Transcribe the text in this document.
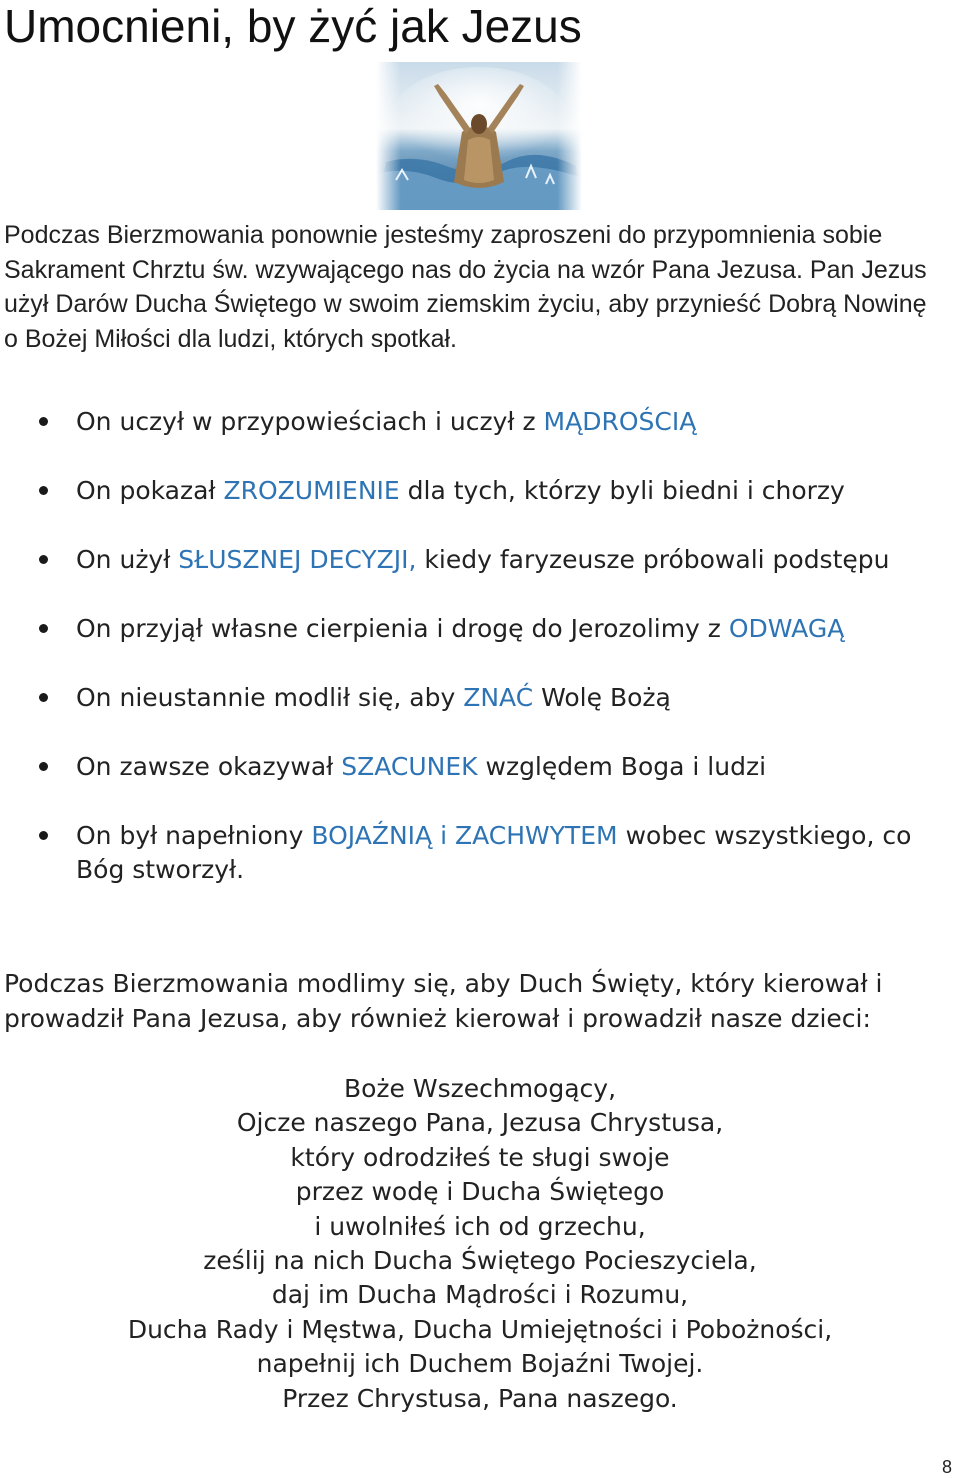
Umocnieni, by żyć jak Jezus

Podczas Bierzmowania ponownie jesteśmy zaproszeni do przypomnienia sobie Sakrament Chrztu św. wzywającego nas do życia na wzór Pana Jezusa. Pan Jezus użył Darów Ducha Świętego w swoim ziemskim życiu, aby przynieść Dobrą Nowinę o Bożej Miłości dla ludzi, których spotkał.

On uczył w przypowieściach i uczył z MĄDROŚCIĄ
On pokazał ZROZUMIENIE dla tych, którzy byli biedni i chorzy
On użył SŁUSZNEJ DECYZJI, kiedy faryzeusze próbowali podstępu
On przyjął własne cierpienia i drogę do Jerozolimy z ODWAGĄ
On nieustannie modlił się, aby ZNAĆ Wolę Bożą
On zawsze okazywał SZACUNEK względem Boga i ludzi
On był napełniony BOJAŹNIĄ i ZACHWYTEM wobec wszystkiego, co Bóg stworzył.

Podczas Bierzmowania modlimy się, aby Duch Święty, który kierował i prowadził Pana Jezusa, aby również kierował i prowadził nasze dzieci:

Boże Wszechmogący,
Ojcze naszego Pana, Jezusa Chrystusa,
który odrodziłeś te sługi swoje
przez wodę i Ducha Świętego
i uwolniłeś ich od grzechu,
ześlij na nich Ducha Świętego Pocieszyciela,
daj im Ducha Mądrości i Rozumu,
Ducha Rady i Męstwa, Ducha Umiejętności i Pobożności,
napełnij ich Duchem Bojaźni Twojej.
Przez Chrystusa, Pana naszego.
8
